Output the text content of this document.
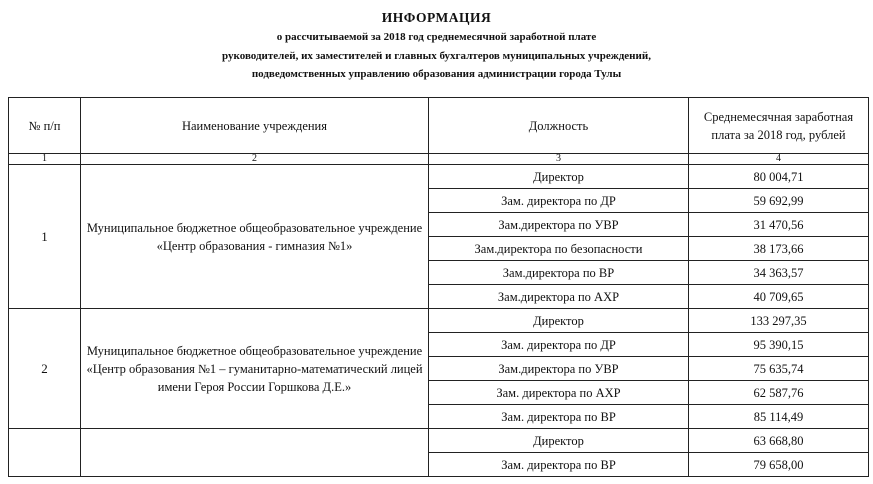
ИНФОРМАЦИЯ
о рассчитываемой за 2018 год среднемесячной заработной плате
руководителей, их заместителей и главных бухгалтеров муниципальных учреждений,
подведомственных управлению образования администрации города Тулы
№ п/п	Наименование учреждения	Должность	Среднемесячная заработная плата за 2018 год, рублей
1	2	3	4
1	Муниципальное бюджетное общеобразовательное учреждение «Центр образования - гимназия №1»	Директор	80 004,71
		Зам. директора по ДР	59 692,99
		Зам.директора по УВР	31 470,56
		Зам.директора по безопасности	38 173,66
		Зам.директора по ВР	34 363,57
		Зам.директора по АХР	40 709,65
2	Муниципальное бюджетное общеобразовательное учреждение «Центр образования №1 – гуманитарно-математический лицей имени Героя России Горшкова Д.Е.»	Директор	133 297,35
		Зам. директора по ДР	95 390,15
		Зам.директора по УВР	75 635,74
		Зам. директора по АХР	62 587,76
		Зам. директора по ВР	85 114,49
		Директор	63 668,80
		Зам. директора по ВР	79 658,00
